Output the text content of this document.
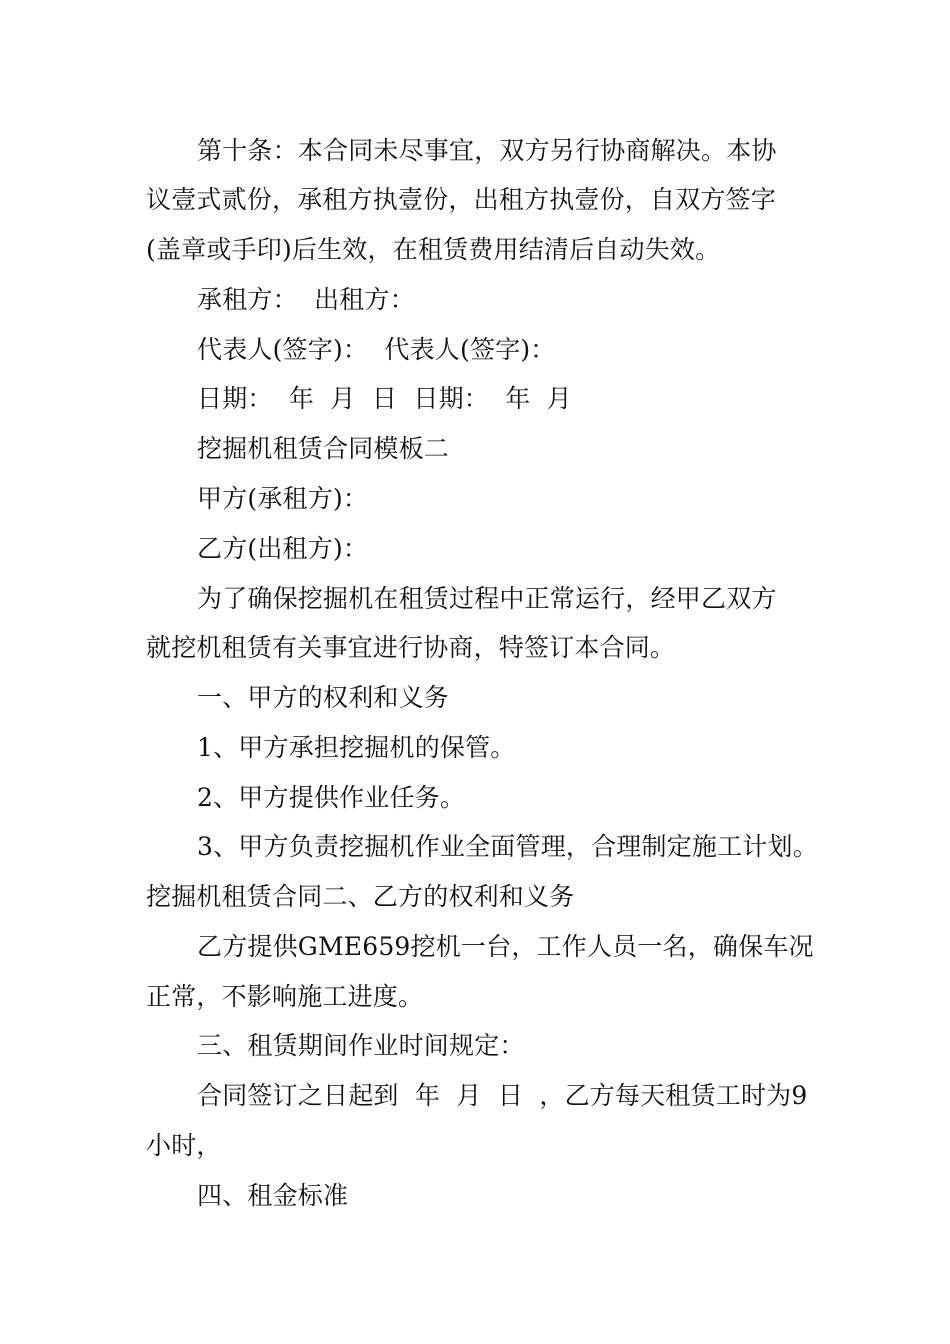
第十条：本合同未尽事宜，双方另行协商解决。本协
议壹式贰份，承租方执壹份，出租方执壹份，自双方签字
(盖章或手印)后生效，在租赁费用结清后自动失效。
承租方：  出租方：
代表人(签字)：  代表人(签字)：
日期：  年  月  日  日期：  年  月
挖掘机租赁合同模板二
甲方(承租方)：
乙方(出租方)：
为了确保挖掘机在租赁过程中正常运行，经甲乙双方
就挖机租赁有关事宜进行协商，特签订本合同。
一、甲方的权利和义务
1、甲方承担挖掘机的保管。
2、甲方提供作业任务。
3、甲方负责挖掘机作业全面管理，合理制定施工计划。
挖掘机租赁合同二、乙方的权利和义务
乙方提供GME659挖机一台，工作人员一名，确保车况
正常，不影响施工进度。
三、租赁期间作业时间规定：
合同签订之日起到  年  月  日  ，乙方每天租赁工时为9
小时，
四、租金标准
